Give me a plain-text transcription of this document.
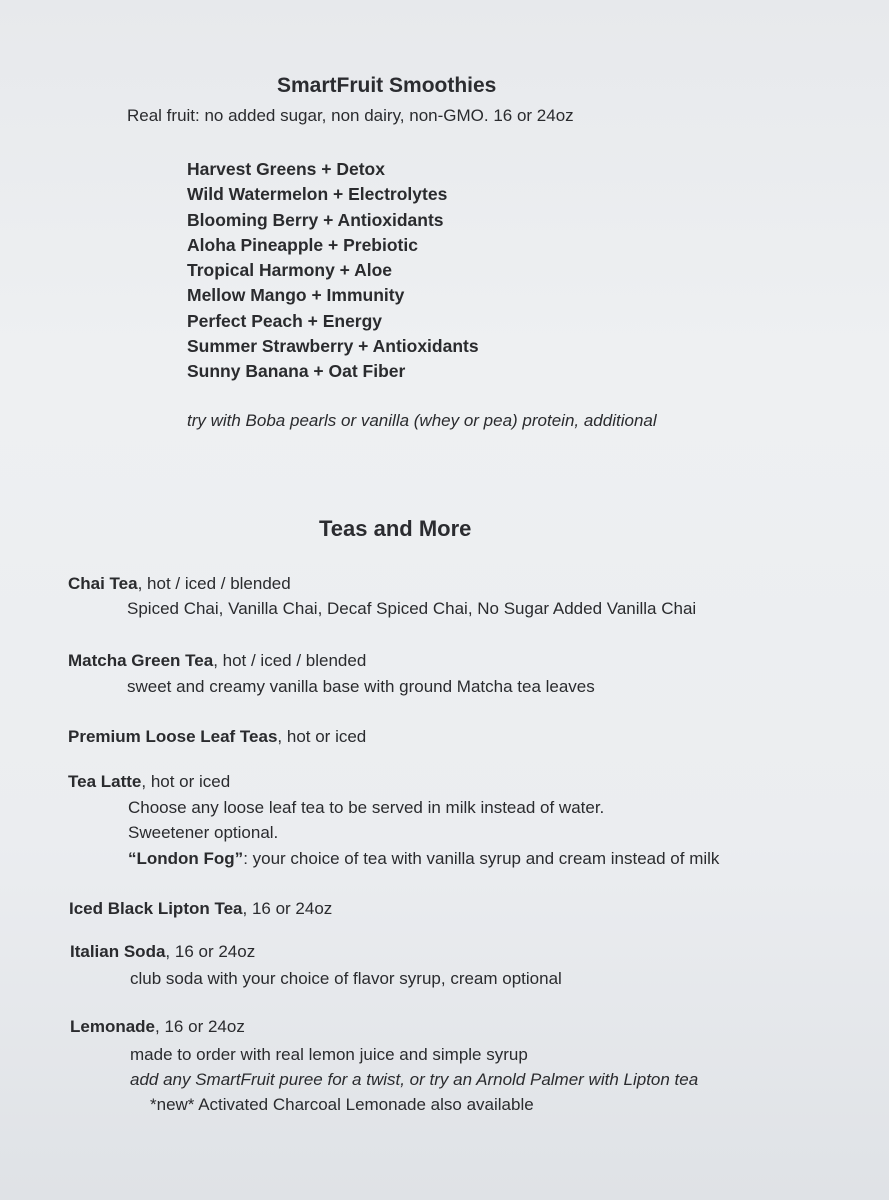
SmartFruit Smoothies
Real fruit: no added sugar, non dairy, non-GMO. 16 or 24oz
Harvest Greens + Detox
Wild Watermelon + Electrolytes
Blooming Berry + Antioxidants
Aloha Pineapple + Prebiotic
Tropical Harmony + Aloe
Mellow Mango + Immunity
Perfect Peach + Energy
Summer Strawberry + Antioxidants
Sunny Banana + Oat Fiber
try with Boba pearls or vanilla (whey or pea) protein, additional
Teas and More
Chai Tea, hot / iced / blended
Spiced Chai, Vanilla Chai, Decaf Spiced Chai, No Sugar Added Vanilla Chai
Matcha Green Tea, hot / iced / blended
sweet and creamy vanilla base with ground Matcha tea leaves
Premium Loose Leaf Teas, hot or iced
Tea Latte, hot or iced
Choose any loose leaf tea to be served in milk instead of water.
Sweetener optional.
“London Fog”: your choice of tea with vanilla syrup and cream instead of milk
Iced Black Lipton Tea, 16 or 24oz
Italian Soda, 16 or 24oz
club soda with your choice of flavor syrup, cream optional
Lemonade, 16 or 24oz
made to order with real lemon juice and simple syrup
add any SmartFruit puree for a twist, or try an Arnold Palmer with Lipton tea
*new* Activated Charcoal Lemonade also available
